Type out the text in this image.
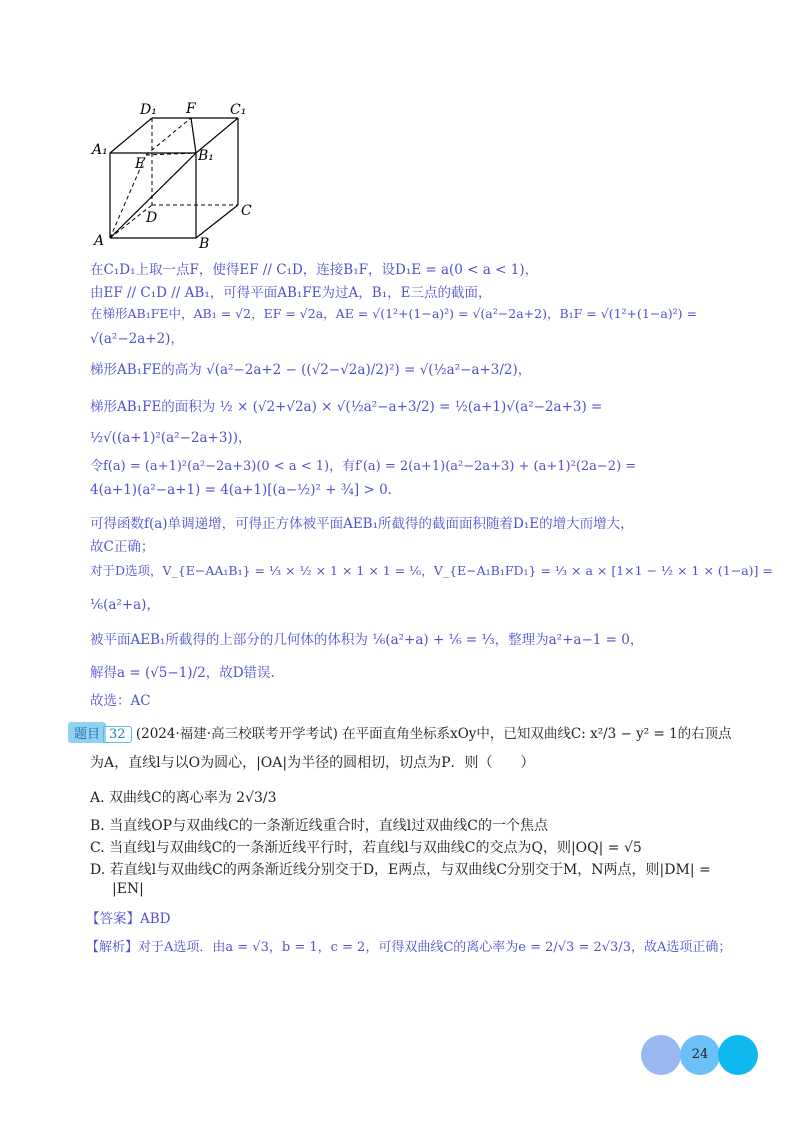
D₁ F C₁
A₁
E	B₁
D	C
A	B
在C₁D₁上取一点F，使得EF // C₁D，连接B₁F，设D₁E = a(0 < a < 1)，
由EF // C₁D // AB₁，可得平面AB₁FE为过A，B₁，E三点的截面，
在梯形AB₁FE中，AB₁ = √2，EF = √2a，AE = √(1²+(1−a)²) = √(a²−2a+2)，B₁F = √(1²+(1−a)²) =
√(a²−2a+2)，
梯形AB₁FE的高为 √(a²−2a+2 − ((√2−√2a)/2)²) = √(½a²−a+3/2)，
梯形AB₁FE的面积为 ½ × (√2+√2a) × √(½a²−a+3/2) = ½(a+1)√(a²−2a+3) =
½√((a+1)²(a²−2a+3))，
令f(a) = (a+1)²(a²−2a+3)(0 < a < 1)，有f′(a) = 2(a+1)(a²−2a+3) + (a+1)²(2a−2) =
4(a+1)(a²−a+1) = 4(a+1)[(a−½)² + ¾] > 0.
可得函数f(a)单调递增，可得正方体被平面AEB₁所截得的截面面积随着D₁E的增大而增大，
故C正确；
对于D选项，V_{E−AA₁B₁} = ⅓ × ½ × 1 × 1 × 1 = ⅙，V_{E−A₁B₁FD₁} = ⅓ × a × [1×1 − ½ × 1 × (1−a)] =
⅙(a²+a)，
被平面AEB₁所截得的上部分的几何体的体积为 ⅙(a²+a) + ⅙ = ⅓，整理为a²+a−1 = 0，
解得a = (√5−1)/2，故D错误.
故选：AC
题目 32 (2024·福建·高三校联考开学考试) 在平面直角坐标系xOy中，已知双曲线C: x²/3 − y² = 1的右顶点
为A，直线l与以O为圆心，|OA|为半径的圆相切，切点为P．则（　　）
A. 双曲线C的离心率为 2√3/3
B. 当直线OP与双曲线C的一条渐近线重合时，直线l过双曲线C的一个焦点
C. 当直线l与双曲线C的一条渐近线平行时，若直线l与双曲线C的交点为Q，则|OQ| = √5
D. 若直线l与双曲线C的两条渐近线分别交于D，E两点，与双曲线C分别交于M，N两点，则|DM| =
|EN|
【答案】ABD
【解析】对于A选项．由a = √3，b = 1，c = 2，可得双曲线C的离心率为e = 2/√3 = 2√3/3，故A选项正确；
24
